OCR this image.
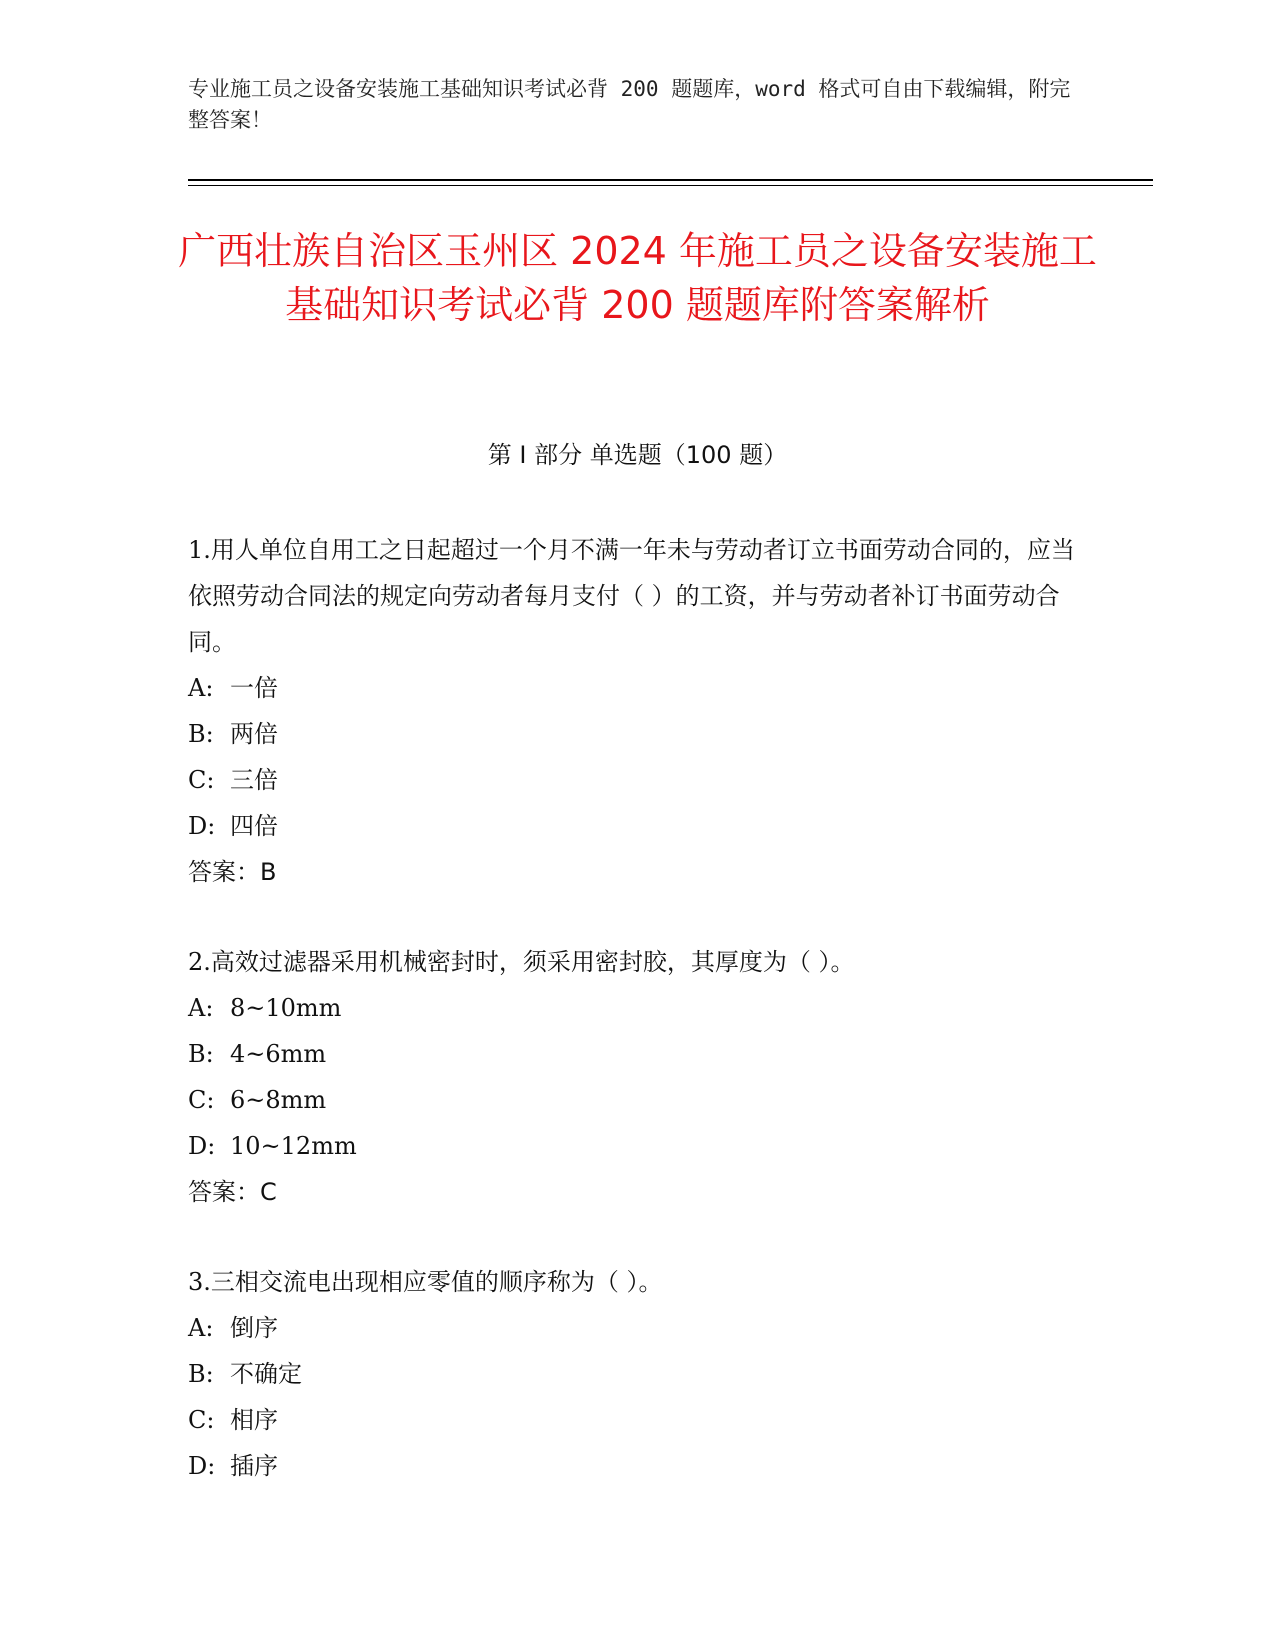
专业施工员之设备安装施工基础知识考试必背 200 题题库，word 格式可自由下载编辑，附完整答案！
广西壮族自治区玉州区 2024 年施工员之设备安装施工基础知识考试必背 200 题题库附答案解析
第 I 部分 单选题（100 题）

1.用人单位自用工之日起超过一个月不满一年未与劳动者订立书面劳动合同的，应当依照劳动合同法的规定向劳动者每月支付（ ）的工资，并与劳动者补订书面劳动合同。

A: 一倍
B: 两倍
C: 三倍
D: 四倍
答案：B

2.高效过滤器采用机械密封时，须采用密封胶，其厚度为（ ）。

A: 8~10mm
B: 4~6mm
C: 6~8mm
D: 10~12mm
答案：C

3.三相交流电出现相应零值的顺序称为（ ）。

A: 倒序
B: 不确定
C: 相序
D: 插序
